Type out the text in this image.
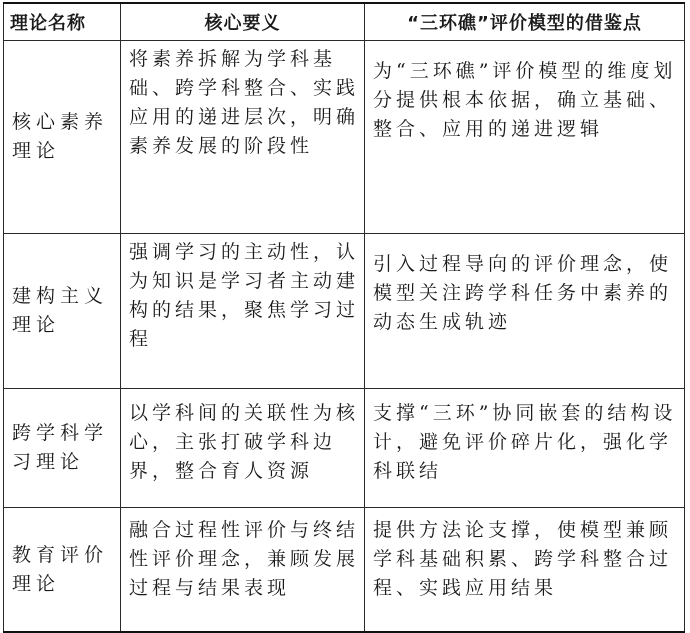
理论名称	核心要义	“三环礁”评价模型的借鉴点
核心素养理论	将素养拆解为学科基础、跨学科整合、实践应用的递进层次，明确素养发展的阶段性	为“三环礁”评价模型的维度划分提供根本依据，确立基础、整合、应用的递进逻辑
建构主义理论	强调学习的主动性，认为知识是学习者主动建构的结果，聚焦学习过程	引入过程导向的评价理念，使模型关注跨学科任务中素养的动态生成轨迹
跨学科学习理论	以学科间的关联性为核心，主张打破学科边界，整合育人资源	支撑“三环”协同嵌套的结构设计，避免评价碎片化，强化学科联结
教育评价理论	融合过程性评价与终结性评价理念，兼顾发展过程与结果表现	提供方法论支撑，使模型兼顾学科基础积累、跨学科整合过程、实践应用结果
